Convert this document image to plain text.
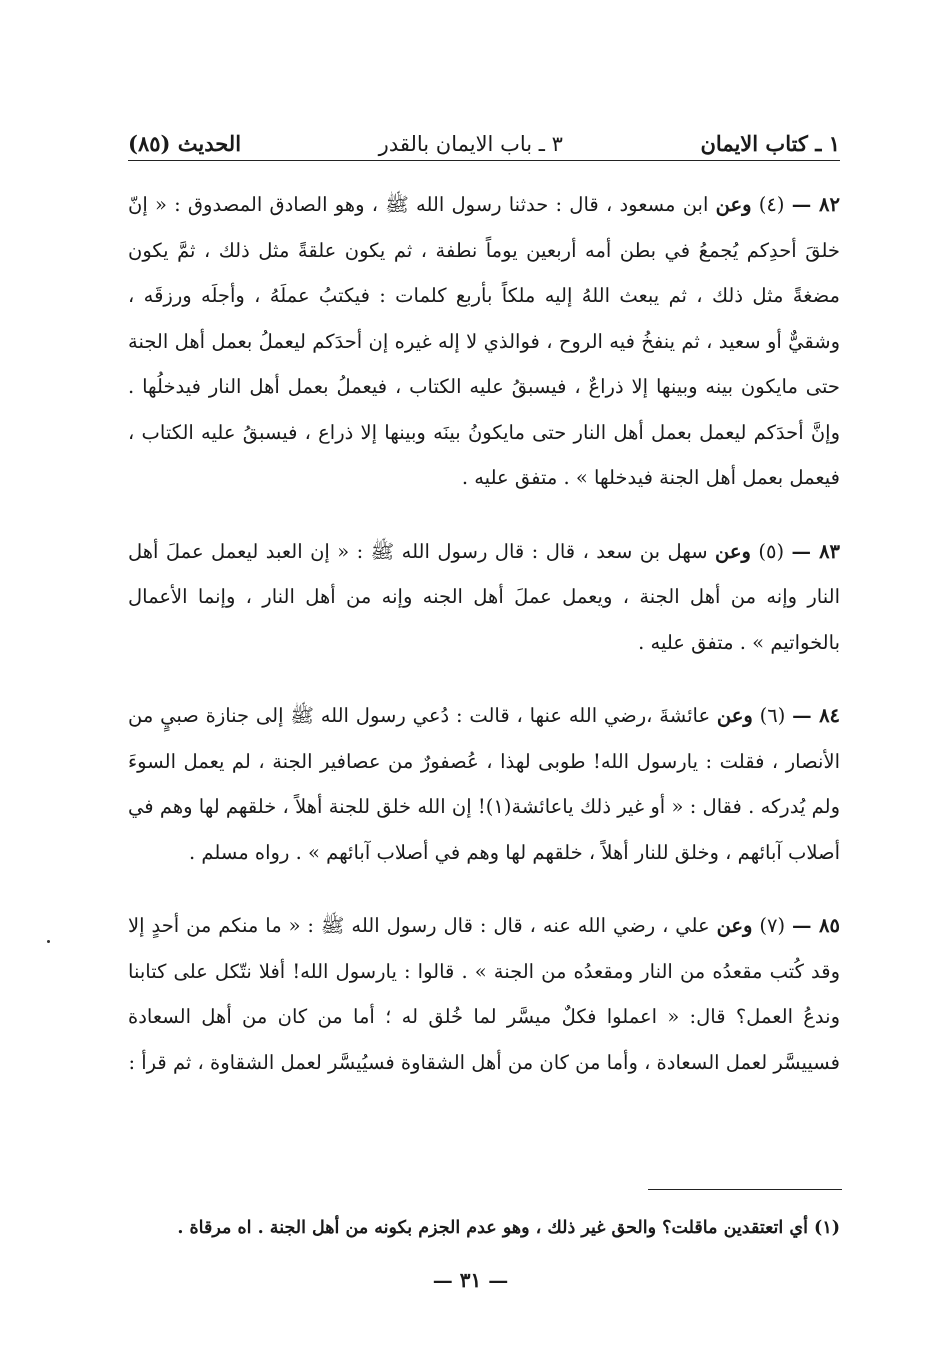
١ ـ كتاب الايمان
٣ ـ باب الايمان بالقدر
الحديث (٨٥)

٨٢ — (٤) وعن ابن مسعود ، قال : حدثنا رسول الله ﷺ ، وهو الصادق المصدوق : « إنّ خلقَ أحدِكم يُجمعُ في بطن أمه أربعين يوماً نطفة ، ثم يكون علقةً مثل ذلك ، ثمَّ يكون مضغةً مثل ذلك ، ثم يبعث اللهُ إليه ملكاً بأربع كلمات : فيكتبُ عملَهُ ، وأجلَه ورزقَه ، وشقيٌّ أو سعيد ، ثم ينفخُ فيه الروح ، فوالذي لا إله غيره إن أحدَكم ليعملُ بعمل أهل الجنة حتى مايكون بينه وبينها إلا ذراعٌ ، فيسبقُ عليه الكتاب ، فيعملُ بعمل أهل النار فيدخلُها . وإنَّ أحدَكم ليعمل بعمل أهل النار حتى مايكونُ بينَه وبينها إلا ذراع ، فيسبقُ عليه الكتاب ، فيعمل بعمل أهل الجنة فيدخلها » . متفق عليه .

٨٣ — (٥) وعن سهل بن سعد ، قال : قال رسول الله ﷺ : « إن العبد ليعمل عملَ أهل النار وإنه من أهل الجنة ، ويعمل عملَ أهل الجنه وإنه من أهل النار ، وإنما الأعمال بالخواتيم » . متفق عليه .

٨٤ — (٦) وعن عائشةَ ،رضي الله عنها ، قالت : دُعي رسول الله ﷺ إلى جنازة صبيٍ من الأنصار ، فقلت : يارسول الله! طوبى لهذا ، عُصفورٌ من عصافير الجنة ، لم يعمل السوءَ ولم يُدركه . فقال : « أو غير ذلك ياعائشة(١)! إن الله خلق للجنة أهلاً ، خلقهم لها وهم في أصلاب آبائهم ، وخلق للنار أهلاً ، خلقهم لها وهم في أصلاب آبائهم » . رواه مسلم .

٨٥ — (٧) وعن علي ، رضي الله عنه ، قال : قال رسول الله ﷺ : « ما منكم من أحدٍ إلا وقد كُتب مقعدُه من النار ومقعدُه من الجنة » . قالوا : يارسول الله! أفلا نتّكل على كتابنا وندعُ العمل؟ قال: « اعملوا فكلٌ ميسَّر لما خُلق له ؛ أما من كان من أهل السعادة فسييسَّر لعمل السعادة ، وأما من كان من أهل الشقاوة فسيُيسَّر لعمل الشقاوة ، ثم قرأ :

(١) أي اتعتقدين ماقلت؟ والحق غير ذلك ، وهو عدم الجزم بكونه من أهل الجنة . اه مرقاة .
— ٣١ —
